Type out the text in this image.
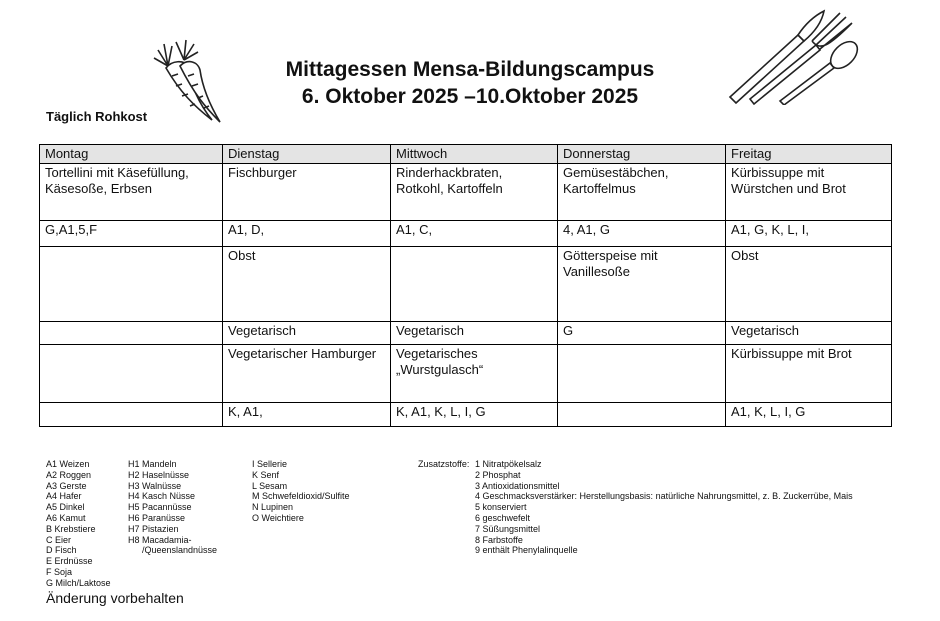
Mittagessen Mensa-Bildungscampus
6. Oktober 2025 –10.Oktober 2025
Täglich Rohkost
Montag	Dienstag	Mittwoch	Donnerstag	Freitag
Tortellini mit Käsefüllung, Käsesoße, Erbsen	Fischburger	Rinderhackbraten, Rotkohl, Kartoffeln	Gemüsestäbchen, Kartoffelmus	Kürbissuppe mit Würstchen und Brot
G,A1,5,F	A1, D,	A1, C,	4, A1, G	A1, G, K, L, I,
	Obst		Götterspeise mit Vanillesoße	Obst
	Vegetarisch	Vegetarisch	G	Vegetarisch
	Vegetarischer Hamburger	Vegetarisches „Wurstgulasch“		Kürbissuppe mit Brot
	K, A1,	K, A1, K, L, I, G		A1, K, L, I, G
A1 Weizen
A2 Roggen
A3 Gerste
A4 Hafer
A5 Dinkel
A6 Kamut
B Krebstiere
C Eier
D Fisch
E Erdnüsse
F Soja
G Milch/Laktose
H1 Mandeln
H2 Haselnüsse
H3 Walnüsse
H4 Kasch Nüsse
H5 Pacannüsse
H6 Paranüsse
H7 Pistazien
H8 Macadamia-
/Queenslandnüsse
I Sellerie
K Senf
L Sesam
M Schwefeldioxid/Sulfite
N Lupinen
O Weichtiere
Zusatzstoffe: 1 Nitratpökelsalz
2 Phosphat
3 Antioxidationsmittel
4 Geschmacksverstärker: Herstellungsbasis: natürliche Nahrungsmittel, z. B. Zuckerrübe, Mais
5 konserviert
6 geschwefelt
7 Süßungsmittel
8 Farbstoffe
9 enthält Phenylalinquelle
Änderung vorbehalten
